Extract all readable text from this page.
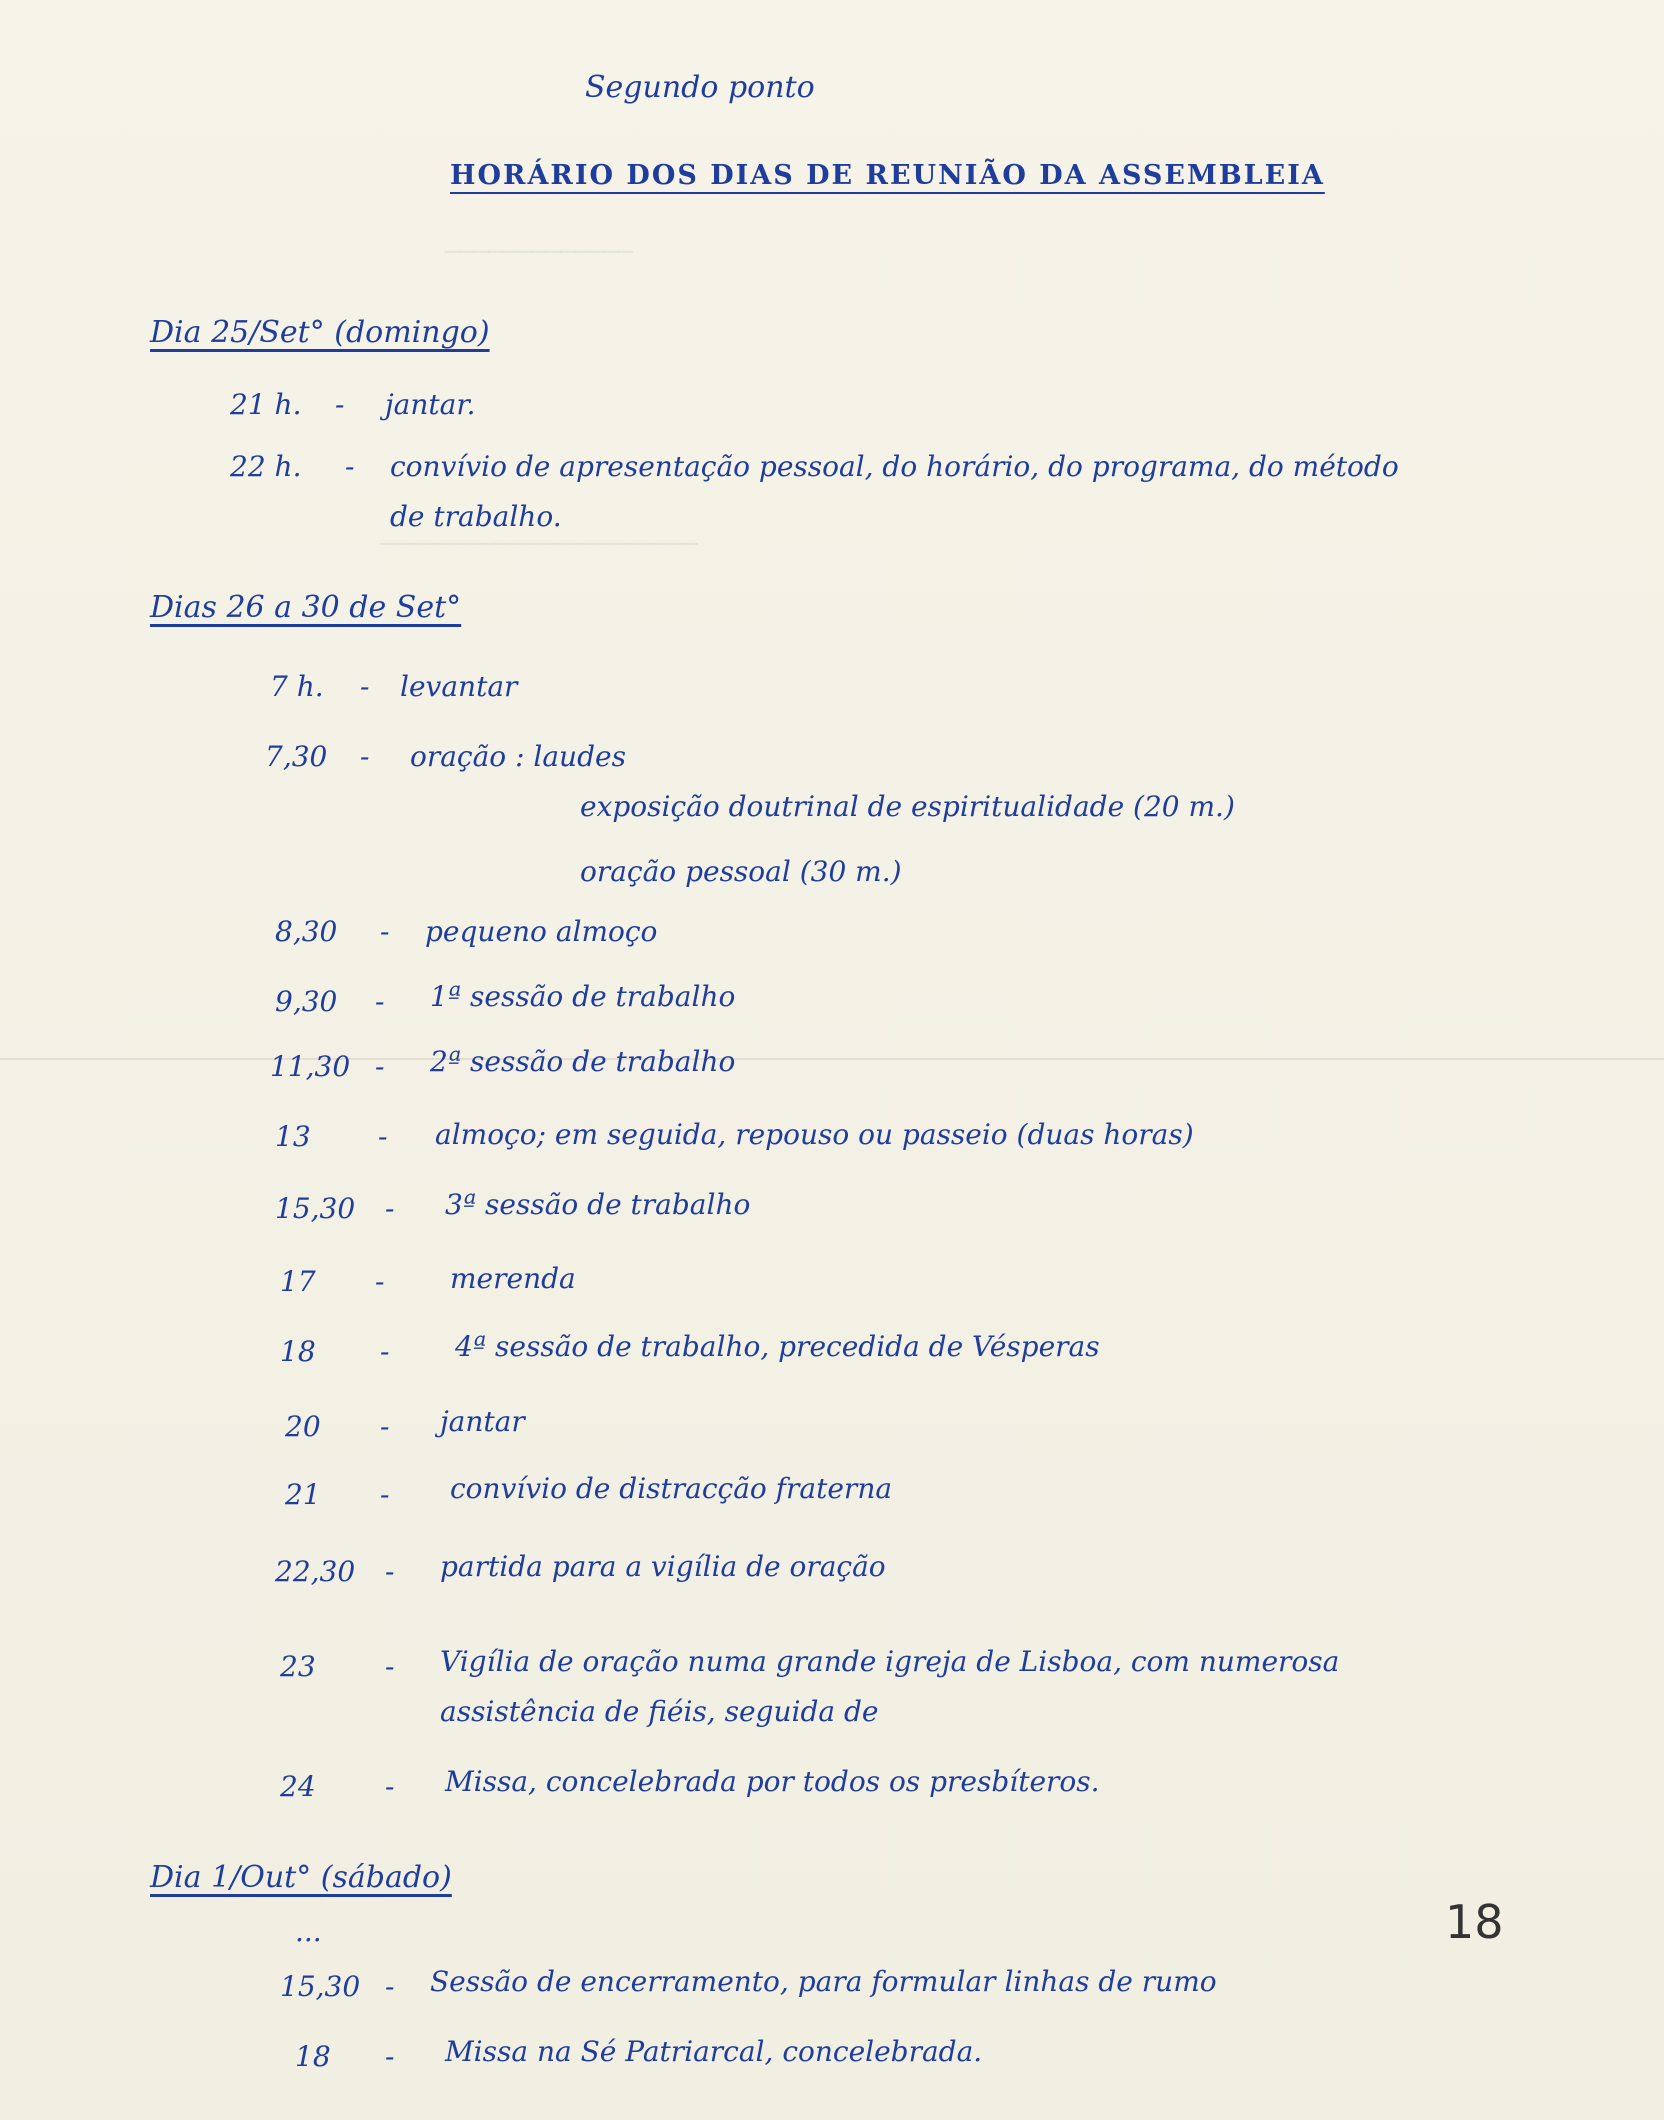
─────────────
──────────────────────
Segundo ponto
HORÁRIO DOS DIAS DE REUNIÃO DA ASSEMBLEIA
Dia 25/Set° (domingo)
21 h.	- jantar.
22 h.	- convívio de apresentação pessoal, do horário, do programa, do método
de trabalho.
Dias 26 a 30 de Set°
7 h.	- levantar
7,30	- oração : laudes
exposição doutrinal de espiritualidade (20 m.)
oração pessoal (30 m.)
8,30	- pequeno almoço
9,30	- 1ª sessão de trabalho
11,30 - 2ª sessão de trabalho
13	- almoço; em seguida, repouso ou passeio (duas horas)
15,30	- 3ª sessão de trabalho
17	- merenda
18	- 4ª sessão de trabalho, precedida de Vésperas
20	- jantar
21	- convívio de distracção fraterna
22,30	- partida para a vigília de oração
23	- Vigília de oração numa grande igreja de Lisboa, com numerosa
assistência de fiéis, seguida de
24	- Missa, concelebrada por todos os presbíteros.
Dia 1/Out° (sábado)
...
15,30 - Sessão de encerramento, para formular linhas de rumo
18	- Missa na Sé Patriarcal, concelebrada.
18
